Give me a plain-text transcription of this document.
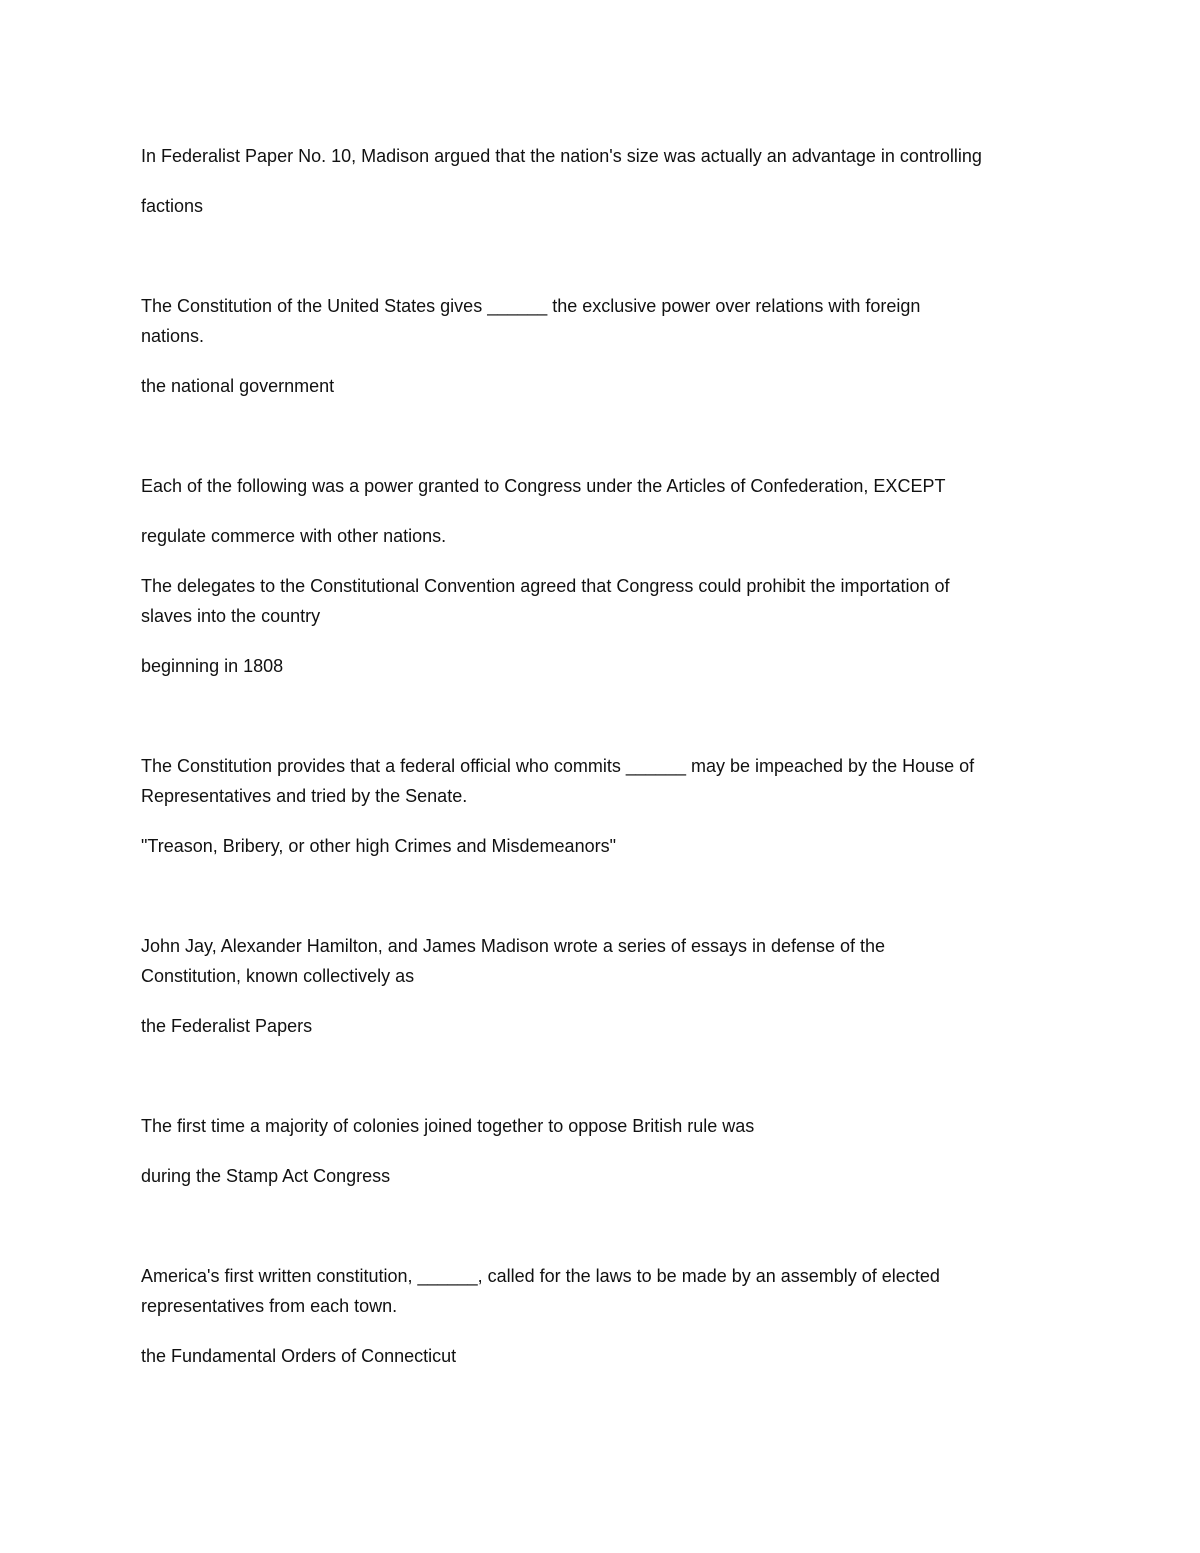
In Federalist Paper No. 10, Madison argued that the nation's size was actually an advantage in controlling
factions
The Constitution of the United States gives ______ the exclusive power over relations with foreign
nations.
the national government
Each of the following was a power granted to Congress under the Articles of Confederation, EXCEPT
regulate commerce with other nations.
The delegates to the Constitutional Convention agreed that Congress could prohibit the importation of
slaves into the country
beginning in 1808
The Constitution provides that a federal official who commits ______ may be impeached by the House of
Representatives and tried by the Senate.
"Treason, Bribery, or other high Crimes and Misdemeanors"
John Jay, Alexander Hamilton, and James Madison wrote a series of essays in defense of the
Constitution, known collectively as
the Federalist Papers
The first time a majority of colonies joined together to oppose British rule was
during the Stamp Act Congress
America's first written constitution, ______, called for the laws to be made by an assembly of elected
representatives from each town.
the Fundamental Orders of Connecticut
